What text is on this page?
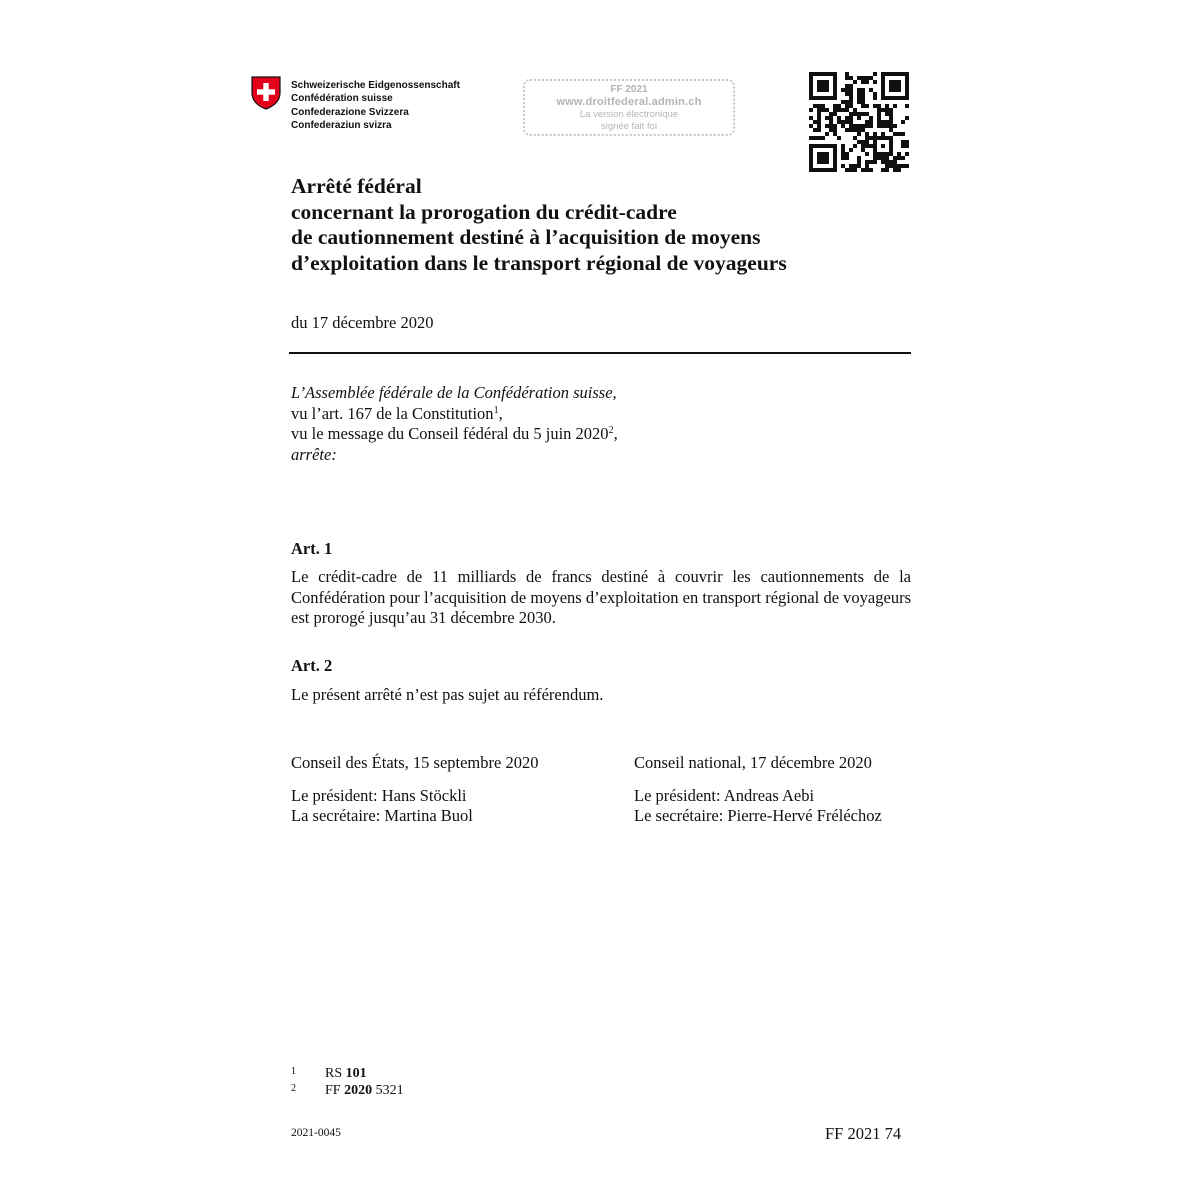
Schweizerische Eidgenossenschaft
Confédération suisse
Confederazione Svizzera
Confederaziun svizra
FF 2021
www.droitfederal.admin.ch
La version électronique
signée fait foi
Arrêté fédéral
concernant la prorogation du crédit-cadre
de cautionnement destiné à l’acquisition de moyens
d’exploitation dans le transport régional de voyageurs
du 17 décembre 2020
L’Assemblée fédérale de la Confédération suisse,
vu l’art. 167 de la Constitution$^1$,
vu le message du Conseil fédéral du 5 juin 2020$^2$,
arrête:
Art. 1
Le crédit-cadre de 11 milliards de francs destiné à couvrir les cautionnements de la Confédération pour l’acquisition de moyens d’exploitation en transport régional de voyageurs est prorogé jusqu’au 31 décembre 2030.
Art. 2
Le présent arrêté n’est pas sujet au référendum.
Conseil des États, 15 septembre 2020
Le président: Hans Stöckli
La secrétaire: Martina Buol
Conseil national, 17 décembre 2020
Le président: Andreas Aebi
Le secrétaire: Pierre-Hervé Fréléchoz
1 RS 101
2 FF 2020 5321
2021-0045	FF 2021 74
